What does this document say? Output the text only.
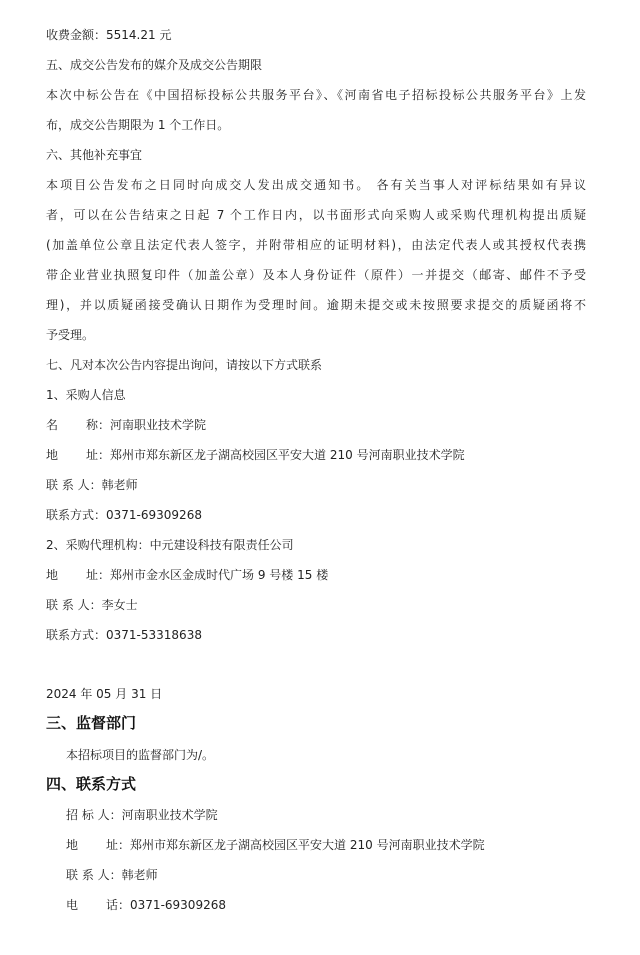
收费金额：5514.21 元
五、成交公告发布的媒介及成交公告期限
本次中标公告在《中国招标投标公共服务平台》、《河南省电子招标投标公共服务平台》上发
布，成交公告期限为 1 个工作日。
六、其他补充事宜
本项目公告发布之日同时向成交人发出成交通知书。 各有关当事人对评标结果如有异议
者，可以在公告结束之日起 7 个工作日内，以书面形式向采购人或采购代理机构提出质疑
(加盖单位公章且法定代表人签字，并附带相应的证明材料)，由法定代表人或其授权代表携
带企业营业执照复印件（加盖公章）及本人身份证件（原件）一并提交（邮寄、邮件不予受
理)，并以质疑函接受确认日期作为受理时间。逾期未提交或未按照要求提交的质疑函将不
予受理。
七、凡对本次公告内容提出询问，请按以下方式联系
1、采购人信息
名 称：河南职业技术学院
地 址：郑州市郑东新区龙子湖高校园区平安大道 210 号河南职业技术学院
联 系 人：韩老师
联系方式：0371-69309268
2、采购代理机构：中元建设科技有限责任公司
地 址：郑州市金水区金成时代广场 9 号楼 15 楼
联 系 人：李女士
联系方式：0371-53318638
2024 年 05 月 31 日
三、监督部门
本招标项目的监督部门为/。
四、联系方式
招 标 人：河南职业技术学院
地 址：郑州市郑东新区龙子湖高校园区平安大道 210 号河南职业技术学院
联 系 人：韩老师
电 话：0371-69309268
